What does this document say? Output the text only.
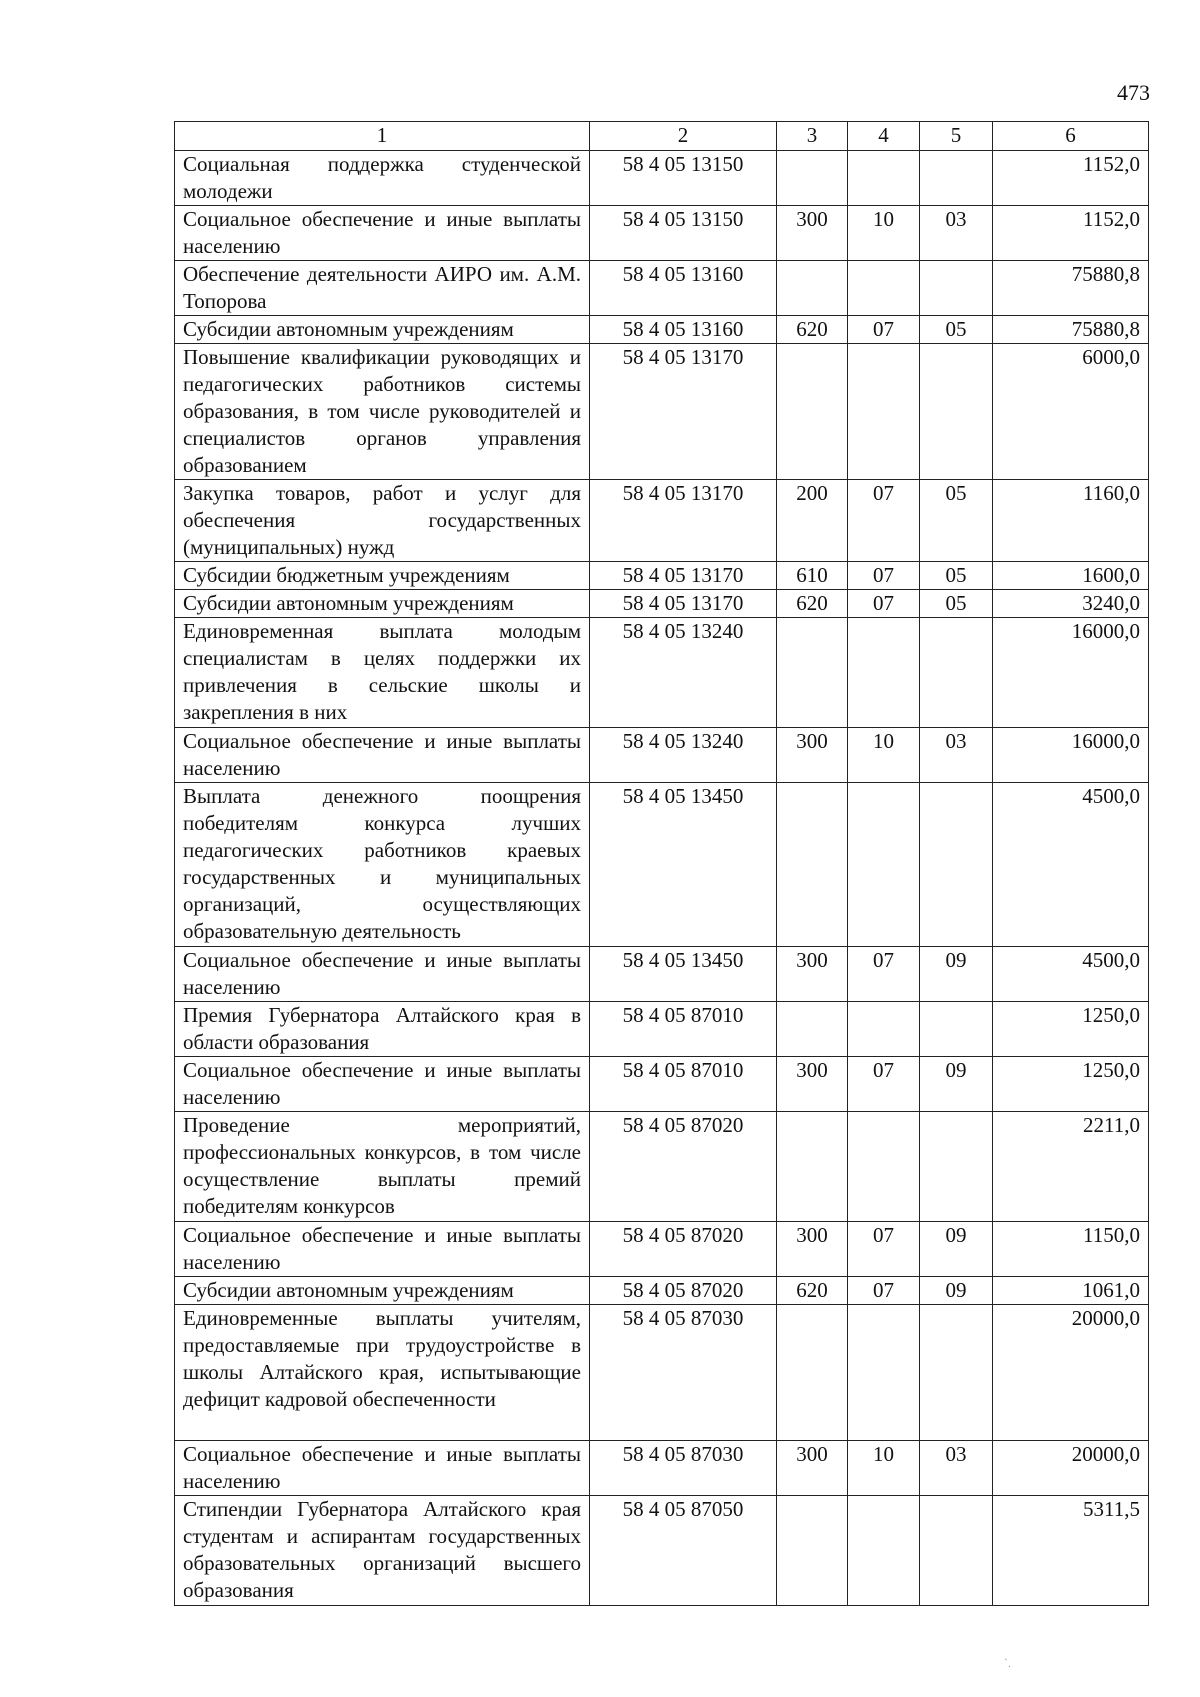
473
1	2	3	4	5	6
Социальная поддержка студенческой молодежи	58 4 05 13150				1152,0
Социальное обеспечение и иные выплаты населению	58 4 05 13150	300	10	03	1152,0
Обеспечение деятельности АИРО им. А.М. Топорова	58 4 05 13160				75880,8
Субсидии автономным учреждениям	58 4 05 13160	620	07	05	75880,8
Повышение квалификации руководящих и педагогических работников системы образования, в том числе руководителей и специалистов органов управления образованием	58 4 05 13170				6000,0
Закупка товаров, работ и услуг для обеспечения государственных (муниципальных) нужд	58 4 05 13170	200	07	05	1160,0
Субсидии бюджетным учреждениям	58 4 05 13170	610	07	05	1600,0
Субсидии автономным учреждениям	58 4 05 13170	620	07	05	3240,0
Единовременная выплата молодым специалистам в целях поддержки их привлечения в сельские школы и закрепления в них	58 4 05 13240				16000,0
Социальное обеспечение и иные выплаты населению	58 4 05 13240	300	10	03	16000,0
Выплата денежного поощрения победителям конкурса лучших педагогических работников краевых государственных и муниципальных организаций, осуществляющих образовательную деятельность	58 4 05 13450				4500,0
Социальное обеспечение и иные выплаты населению	58 4 05 13450	300	07	09	4500,0
Премия Губернатора Алтайского края в области образования	58 4 05 87010				1250,0
Социальное обеспечение и иные выплаты населению	58 4 05 87010	300	07	09	1250,0
Проведение мероприятий, профессиональных конкурсов, в том числе осуществление выплаты премий победителям конкурсов	58 4 05 87020				2211,0
Социальное обеспечение и иные выплаты населению	58 4 05 87020	300	07	09	1150,0
Субсидии автономным учреждениям	58 4 05 87020	620	07	09	1061,0
Единовременные выплаты учителям, предоставляемые при трудоустройстве в школы Алтайского края, испытывающие дефицит кадровой обеспеченности	58 4 05 87030				20000,0
Социальное обеспечение и иные выплаты населению	58 4 05 87030	300	10	03	20000,0
Стипендии Губернатора Алтайского края студентам и аспирантам государственных образовательных организаций высшего образования	58 4 05 87050				5311,5
`.
